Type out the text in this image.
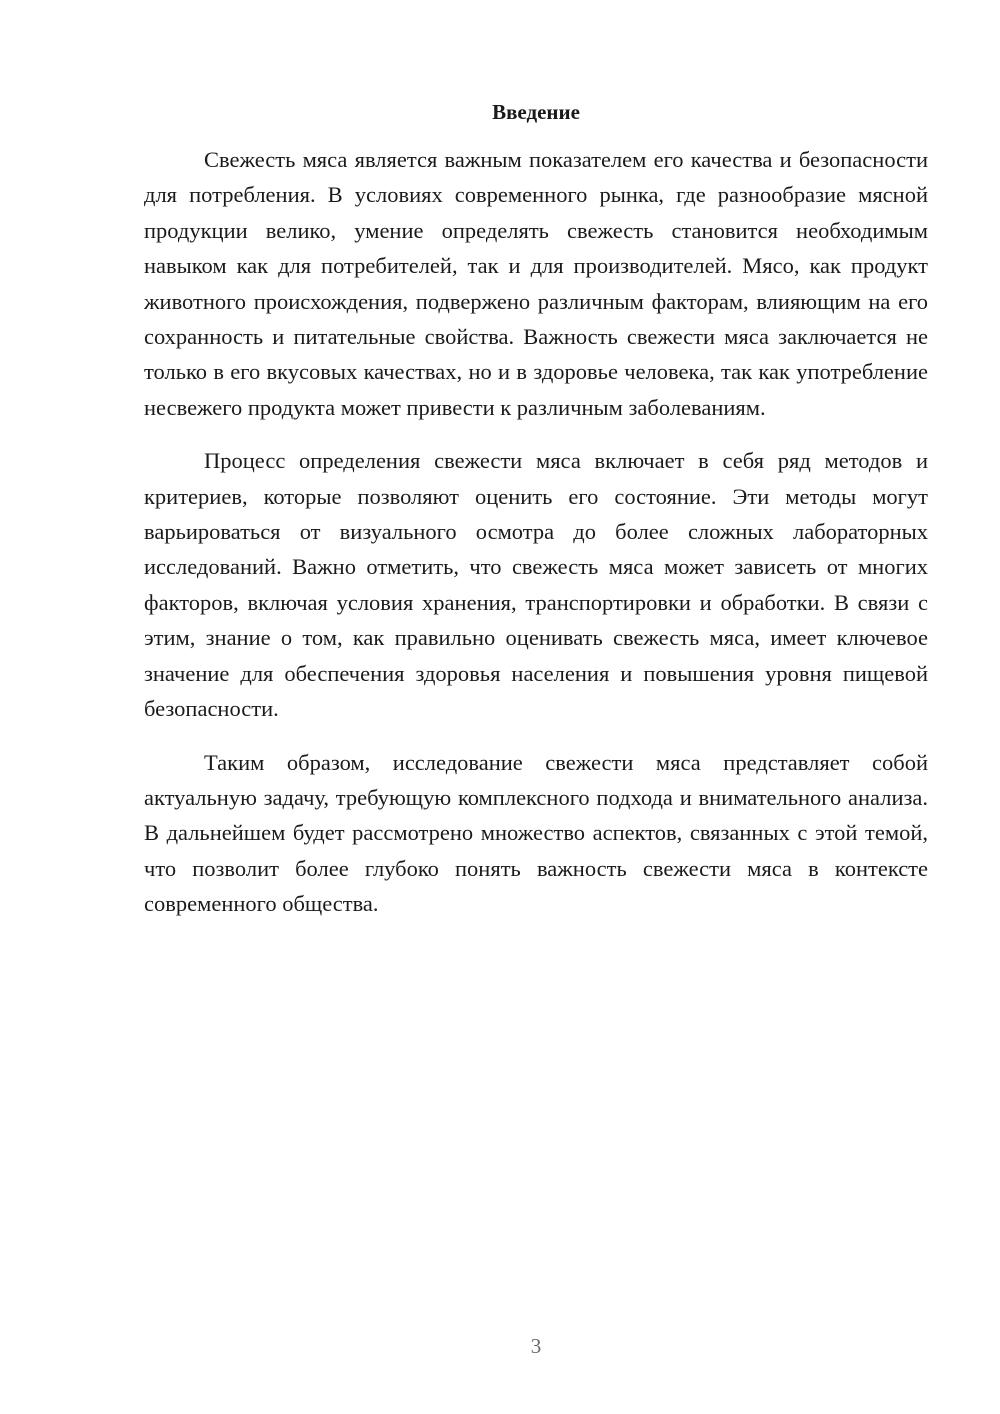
Введение

Свежесть мяса является важным показателем его качества и безопасности для потребления. В условиях современного рынка, где разнообразие мясной продукции велико, умение определять свежесть становится необходимым навыком как для потребителей, так и для производителей. Мясо, как продукт животного происхождения, подвержено различным факторам, влияющим на его сохранность и питательные свойства. Важность свежести мяса заключается не только в его вкусовых качествах, но и в здоровье человека, так как употребление несвежего продукта может привести к различным заболеваниям.

Процесс определения свежести мяса включает в себя ряд методов и критериев, которые позволяют оценить его состояние. Эти методы могут варьироваться от визуального осмотра до более сложных лабораторных исследований. Важно отметить, что свежесть мяса может зависеть от многих факторов, включая условия хранения, транспортировки и обработки. В связи с этим, знание о том, как правильно оценивать свежесть мяса, имеет ключевое значение для обеспечения здоровья населения и повышения уровня пищевой безопасности.

Таким образом, исследование свежести мяса представляет собой актуальную задачу, требующую комплексного подхода и внимательного анализа. В дальнейшем будет рассмотрено множество аспектов, связанных с этой темой, что позволит более глубоко понять важность свежести мяса в контексте современного общества.

3
